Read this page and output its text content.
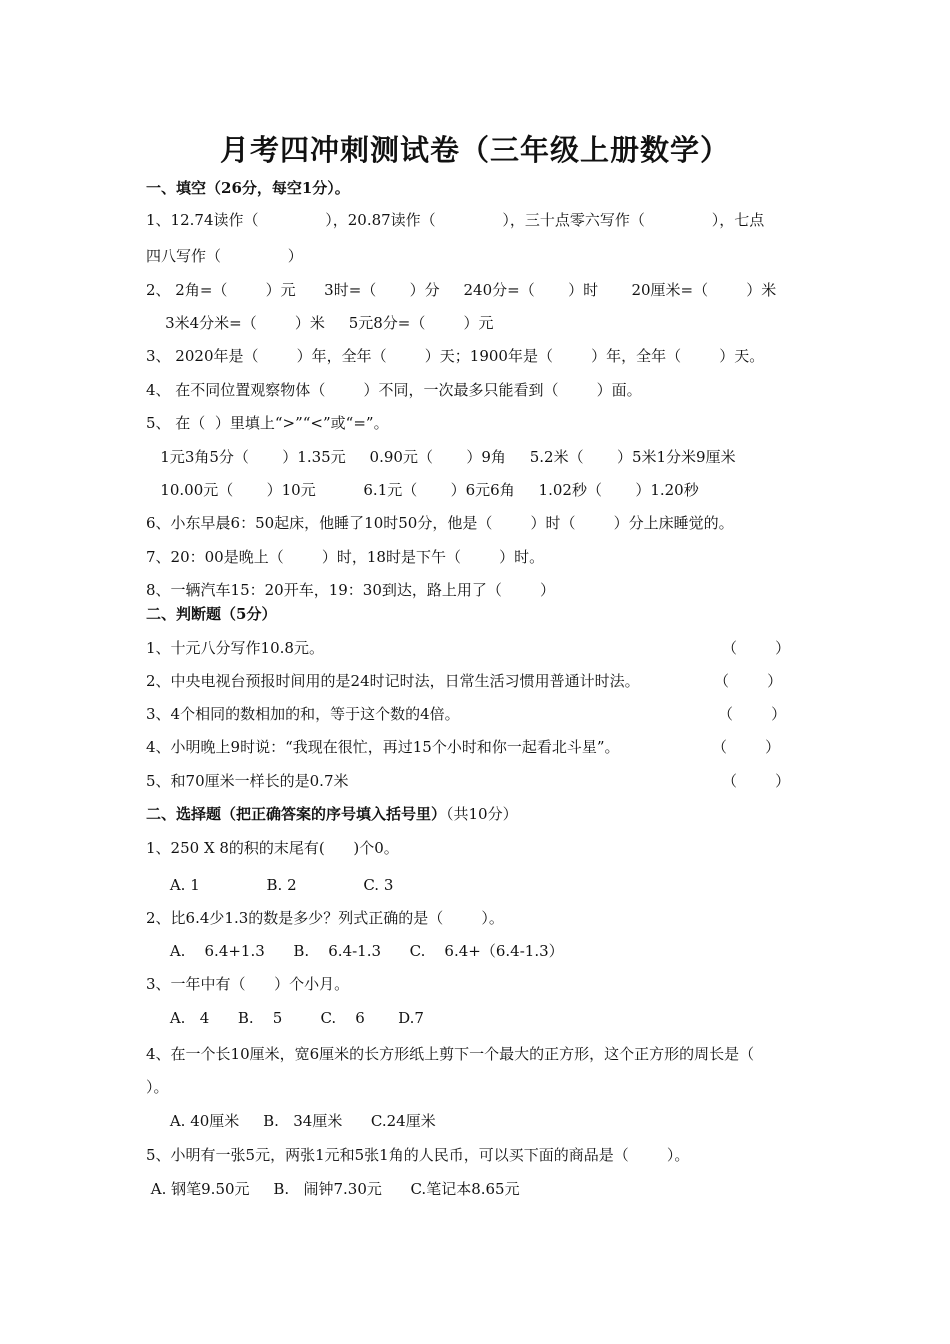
月考四冲刺测试卷（三年级上册数学）
一、填空（26分，每空1分）。
1、12.74读作（              ），20.87读作（              ），三十点零六写作（              ），七点
四八写作（              ）
2、 2角=（        ）元      3时=（       ）分     240分=（       ）时       20厘米=（        ）米
3米4分米=（        ）米     5元8分=（        ）元
3、 2020年是（        ）年，全年（        ）天；1900年是（        ）年，全年（        ）天。
4、 在不同位置观察物体（        ）不同，一次最多只能看到（        ）面。
5、 在（  ）里填上“>”“<”或“=”。
1元3角5分（       ）1.35元     0.90元（       ）9角     5.2米（       ）5米1分米9厘米
10.00元（       ）10元          6.1元（       ）6元6角     1.02秒（       ）1.20秒
6、小东早晨6：50起床，他睡了10时50分，他是（        ）时（        ）分上床睡觉的。
7、20：00是晚上（        ）时，18时是下午（        ）时。
8、一辆汽车15：20开车，19：30到达，路上用了（        ）
二、判断题（5分）
1、十元八分写作10.8元。	（        ）
2、中央电视台预报时间用的是24时记时法，日常生活习惯用普通计时法。	（        ）
3、4个相同的数相加的和，等于这个数的4倍。	（        ）
4、小明晚上9时说：“我现在很忙，再过15个小时和你一起看北斗星”。	（        ）
5、和70厘米一样长的是0.7米	（        ）
二、选择题（把正确答案的序号填入括号里）（共10分）
1、250 X 8的积的末尾有(      )个0。
A. 1              B. 2              C. 3
2、比6.4少1.3的数是多少？列式正确的是（        ）。
A.    6.4+1.3      B.    6.4-1.3      C.    6.4+（6.4-1.3）
3、一年中有（      ）个小月。
A.   4      B.    5        C.    6       D.7
4、在一个长10厘米，宽6厘米的长方形纸上剪下一个最大的正方形，这个正方形的周长是（
）。
A. 40厘米     B.   34厘米      C.24厘米
5、小明有一张5元，两张1元和5张1角的人民币，可以买下面的商品是（        ）。
A. 钢笔9.50元     B.   闹钟7.30元      C.笔记本8.65元
